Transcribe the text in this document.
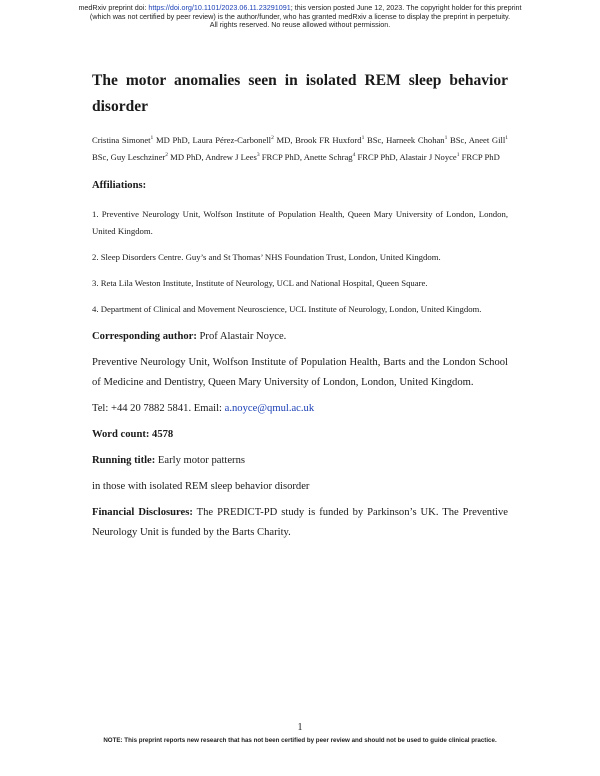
medRxiv preprint doi: https://doi.org/10.1101/2023.06.11.23291091; this version posted June 12, 2023. The copyright holder for this preprint
(which was not certified by peer review) is the author/funder, who has granted medRxiv a license to display the preprint in perpetuity.
All rights reserved. No reuse allowed without permission.
The motor anomalies seen in isolated REM sleep behavior disorder
Cristina Simonet$^1$ MD PhD, Laura Pérez-Carbonell$^2$ MD, Brook FR Huxford$^1$ BSc, Harneek Chohan$^1$ BSc, Aneet Gill$^1$ BSc, Guy Leschziner$^2$ MD PhD, Andrew J Lees$^3$ FRCP PhD, Anette Schrag$^4$ FRCP PhD, Alastair J Noyce$^1$ FRCP PhD
Affiliations:
1. Preventive Neurology Unit, Wolfson Institute of Population Health, Queen Mary University of London, London, United Kingdom.
2. Sleep Disorders Centre. Guy’s and St Thomas’ NHS Foundation Trust, London, United Kingdom.
3. Reta Lila Weston Institute, Institute of Neurology, UCL and National Hospital, Queen Square.
4. Department of Clinical and Movement Neuroscience, UCL Institute of Neurology, London, United Kingdom.
Corresponding author: Prof Alastair Noyce.
Preventive Neurology Unit, Wolfson Institute of Population Health, Barts and the London School of Medicine and Dentistry, Queen Mary University of London, London, United Kingdom.
Tel: +44 20 7882 5841. Email: a.noyce@qmul.ac.uk
Word count: 4578
Running title: Early motor patterns
in those with isolated REM sleep behavior disorder
Financial Disclosures: The PREDICT-PD study is funded by Parkinson’s UK. The Preventive Neurology Unit is funded by the Barts Charity.
1
NOTE: This preprint reports new research that has not been certified by peer review and should not be used to guide clinical practice.
